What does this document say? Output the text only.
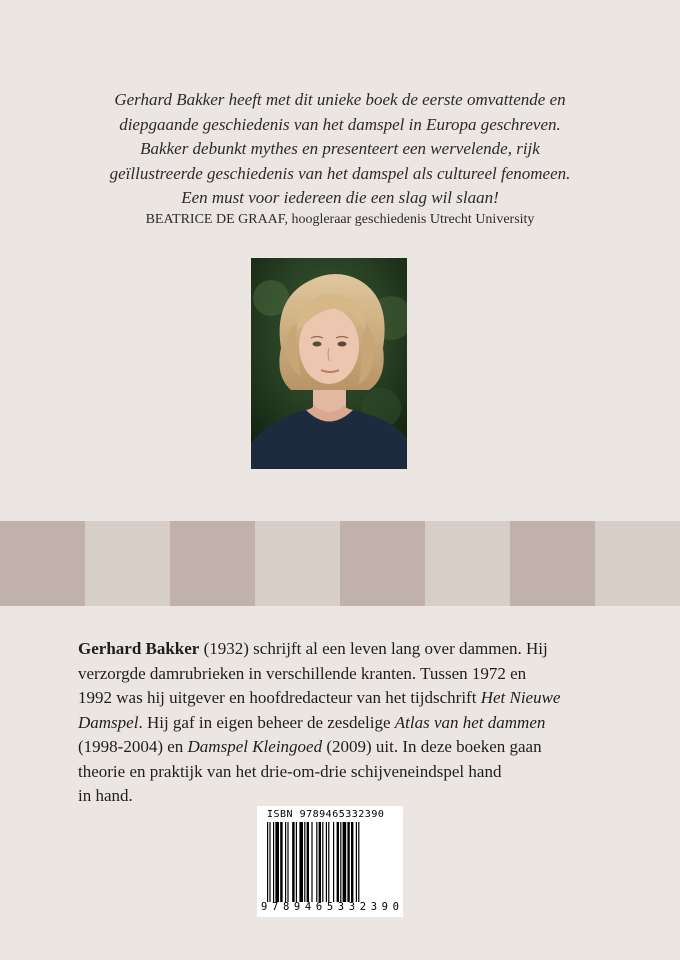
Gerhard Bakker heeft met dit unieke boek de eerste omvattende en
diepgaande geschiedenis van het damspel in Europa geschreven.
Bakker debunkt mythes en presenteert een wervelende, rijk
geïllustreerde geschiedenis van het damspel als cultureel fenomeen.
Een must voor iedereen die een slag wil slaan!
BEATRICE DE GRAAF, hoogleraar geschiedenis Utrecht University
Gerhard Bakker (1932) schrijft al een leven lang over dammen. Hij
verzorgde damrubrieken in verschillende kranten. Tussen 1972 en
1992 was hij uitgever en hoofdredacteur van het tijdschrift Het Nieuwe
Damspel. Hij gaf in eigen beheer de zesdelige Atlas van het dammen
(1998-2004) en Damspel Kleingoed (2009) uit. In deze boeken gaan
theorie en praktijk van het drie-om-drie schijveneindspel hand
in hand.
ISBN 9789465332390
9 7 8 9 4 6 5 3 3 2 3 9 0
